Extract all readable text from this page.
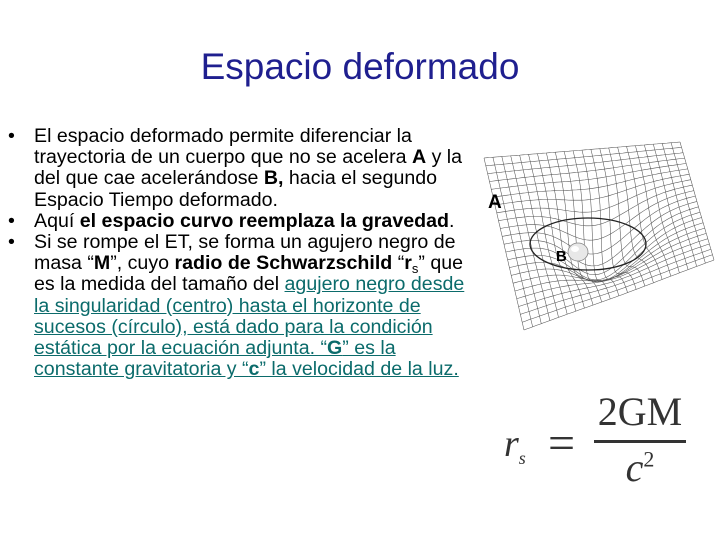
Espacio deformado
• El espacio deformado permite diferenciar la trayectoria de un cuerpo que no se acelera A y la del que cae acelerándose B, hacia el segundo Espacio Tiempo deformado.
• Aquí el espacio curvo reemplaza la gravedad.
• Si se rompe el ET, se forma un agujero negro de masa “M”, cuyo radio de Schwarzschild “$r_s$” que es la medida del tamaño del agujero negro desde la singularidad (centro) hasta el horizonte de sucesos (círculo), está dado para la condición estática por la ecuación adjunta. “G” es la constante gravitatoria y “c” la velocidad de la luz.
A
B
$r_s$ =
2GM
$c^2$
